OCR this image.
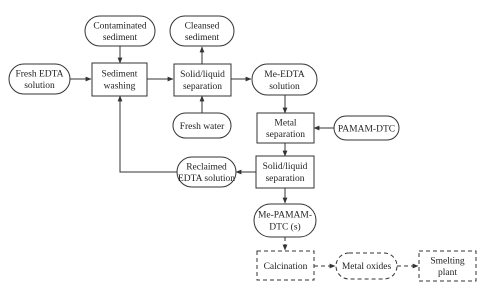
Contaminated
sediment
Cleansed
sediment
Fresh EDTA
solution
Sediment
washing
Solid/liquid
separation
Me-EDTA
solution
Fresh water	Metal
separation
PAMAM-DTC
Reclaimed
EDTA solution
Solid/liquid
separation
Me-PAMAM-
DTC (s)
Calcination	Metal oxides
Smelting
plant
